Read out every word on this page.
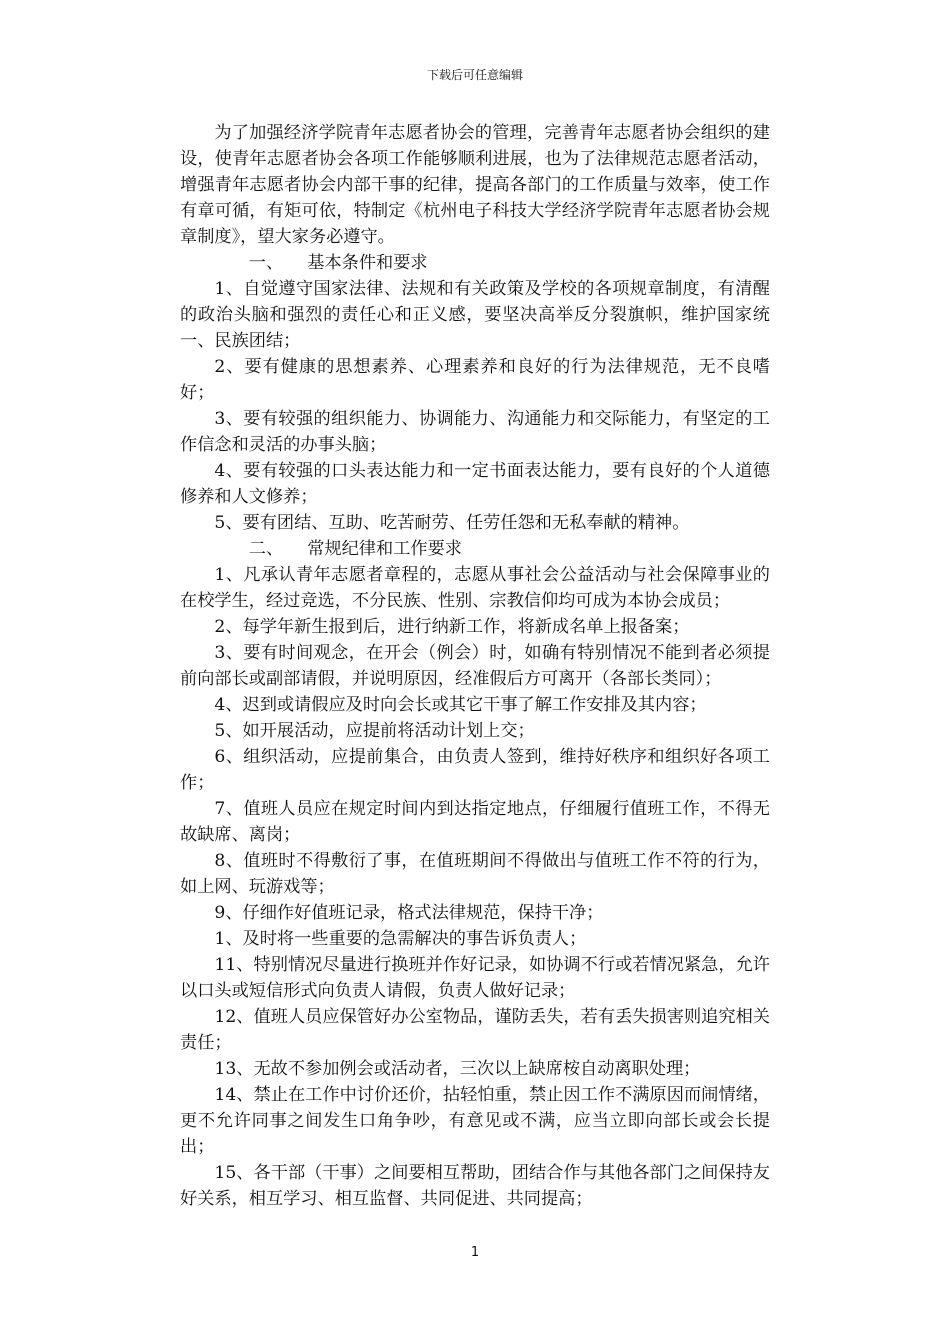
下载后可任意编辑

为了加强经济学院青年志愿者协会的管理，完善青年志愿者协会组织的建设，使青年志愿者协会各项工作能够顺利进展，也为了法律规范志愿者活动，增强青年志愿者协会内部干事的纪律，提高各部门的工作质量与效率，使工作有章可循，有矩可依，特制定《杭州电子科技大学经济学院青年志愿者协会规章制度》，望大家务必遵守。

一、 基本条件和要求

1、自觉遵守国家法律、法规和有关政策及学校的各项规章制度，有清醒的政治头脑和强烈的责任心和正义感，要坚决高举反分裂旗帜，维护国家统一、民族团结；

2、要有健康的思想素养、心理素养和良好的行为法律规范，无不良嗜好；

3、要有较强的组织能力、协调能力、沟通能力和交际能力，有坚定的工作信念和灵活的办事头脑；

4、要有较强的口头表达能力和一定书面表达能力，要有良好的个人道德修养和人文修养；

5、要有团结、互助、吃苦耐劳、任劳任怨和无私奉献的精神。

二、 常规纪律和工作要求

1、凡承认青年志愿者章程的，志愿从事社会公益活动与社会保障事业的在校学生，经过竞选，不分民族、性别、宗教信仰均可成为本协会成员；

2、每学年新生报到后，进行纳新工作，将新成名单上报备案；

3、要有时间观念，在开会（例会）时，如确有特别情况不能到者必须提前向部长或副部请假，并说明原因，经准假后方可离开（各部长类同）；

4、迟到或请假应及时向会长或其它干事了解工作安排及其内容；

5、如开展活动，应提前将活动计划上交；

6、组织活动，应提前集合，由负责人签到，维持好秩序和组织好各项工作；

7、值班人员应在规定时间内到达指定地点，仔细履行值班工作，不得无故缺席、离岗；

8、值班时不得敷衍了事，在值班期间不得做出与值班工作不符的行为，如上网、玩游戏等；

9、仔细作好值班记录，格式法律规范，保持干净；

1、及时将一些重要的急需解决的事告诉负责人；

11、特别情况尽量进行换班并作好记录，如协调不行或若情况紧急，允许以口头或短信形式向负责人请假，负责人做好记录；

12、值班人员应保管好办公室物品，谨防丢失，若有丢失损害则追究相关责任；

13、无故不参加例会或活动者，三次以上缺席桉自动离职处理；

14、禁止在工作中讨价还价，拈轻怕重，禁止因工作不满原因而闹情绪，更不允许同事之间发生口角争吵，有意见或不满，应当立即向部长或会长提出；

15、各干部（干事）之间要相互帮助，团结合作与其他各部门之间保持友好关系，相互学习、相互监督、共同促进、共同提高；

1
